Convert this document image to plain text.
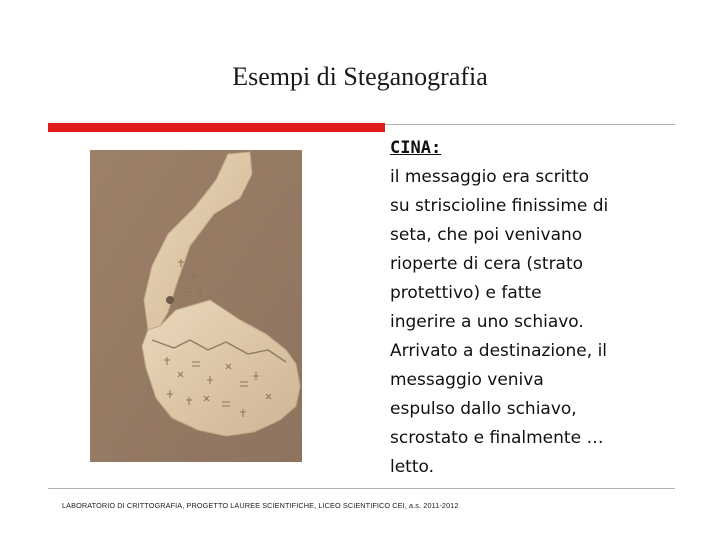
Esempi di Steganografia
CINA:
il messaggio era scritto
su striscioline finissime di
seta, che poi venivano
rioperte di cera (strato
protettivo) e fatte
ingerire a uno schiavo.
Arrivato a destinazione, il
messaggio veniva
espulso dallo schiavo,
scrostato e finalmente …
letto.
LABORATORIO DI CRITTOGRAFIA, PROGETTO LAUREE SCIENTIFICHE, LICEO SCIENTIFICO CEI, a.s. 2011-2012
